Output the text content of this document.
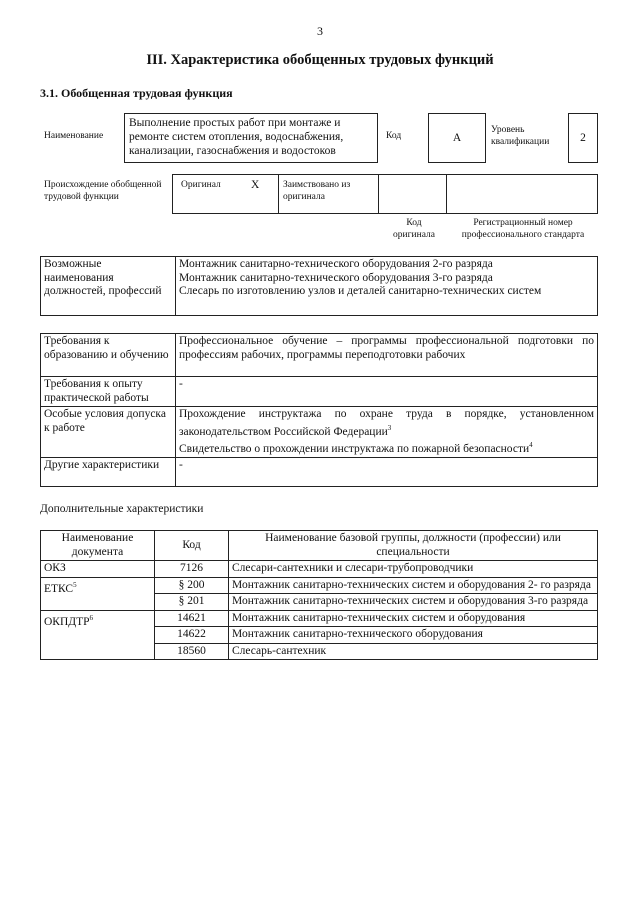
3
III. Характеристика обобщенных трудовых функций
3.1. Обобщенная трудовая функция
Наименование
Выполнение простых работ при монтаже и ремонте систем отопления, водоснабжения, канализации, газоснабжения и водостоков
Код	A
Уровень квалификации	2
Происхождение обобщенной трудовой функции
Оригинал	X Заимствовано из оригинала
Код оригинала
Регистрационный номер профессионального стандарта
Возможные наименования должностей, профессий	
Монтажник санитарно-технического оборудования 2-го разряда
Монтажник санитарно-технического оборудования 3-го разряда
Слесарь по изготовлению узлов и деталей санитарно-технических систем
Требования к образованию и обучению	Профессиональное обучение – программы профессиональной подготовки по профессиям рабочих, программы переподготовки рабочих
Требования к опыту практической работы	-
Особые условия допуска к работе	Прохождение инструктажа по охране труда в порядке, установленном законодательством Российской Федерации$^3$
Свидетельство о прохождении инструктажа по пожарной безопасности$^4$

Другие характеристики	-
Дополнительные характеристики
Наименование документа	Код	Наименование базовой группы, должности (профессии) или специальности
ОКЗ	7126	Слесари-сантехники и слесари-трубопроводчики
ЕТКС$^5$	§ 200	Монтажник санитарно-технических систем и оборудования 2- го разряда
	§ 201	Монтажник санитарно-технических систем и оборудования 3-го разряда
ОКПДТР$^6$	14621	Монтажник санитарно-технических систем и оборудования
	14622	Монтажник санитарно-технического оборудования
	18560	Слесарь-сантехник
